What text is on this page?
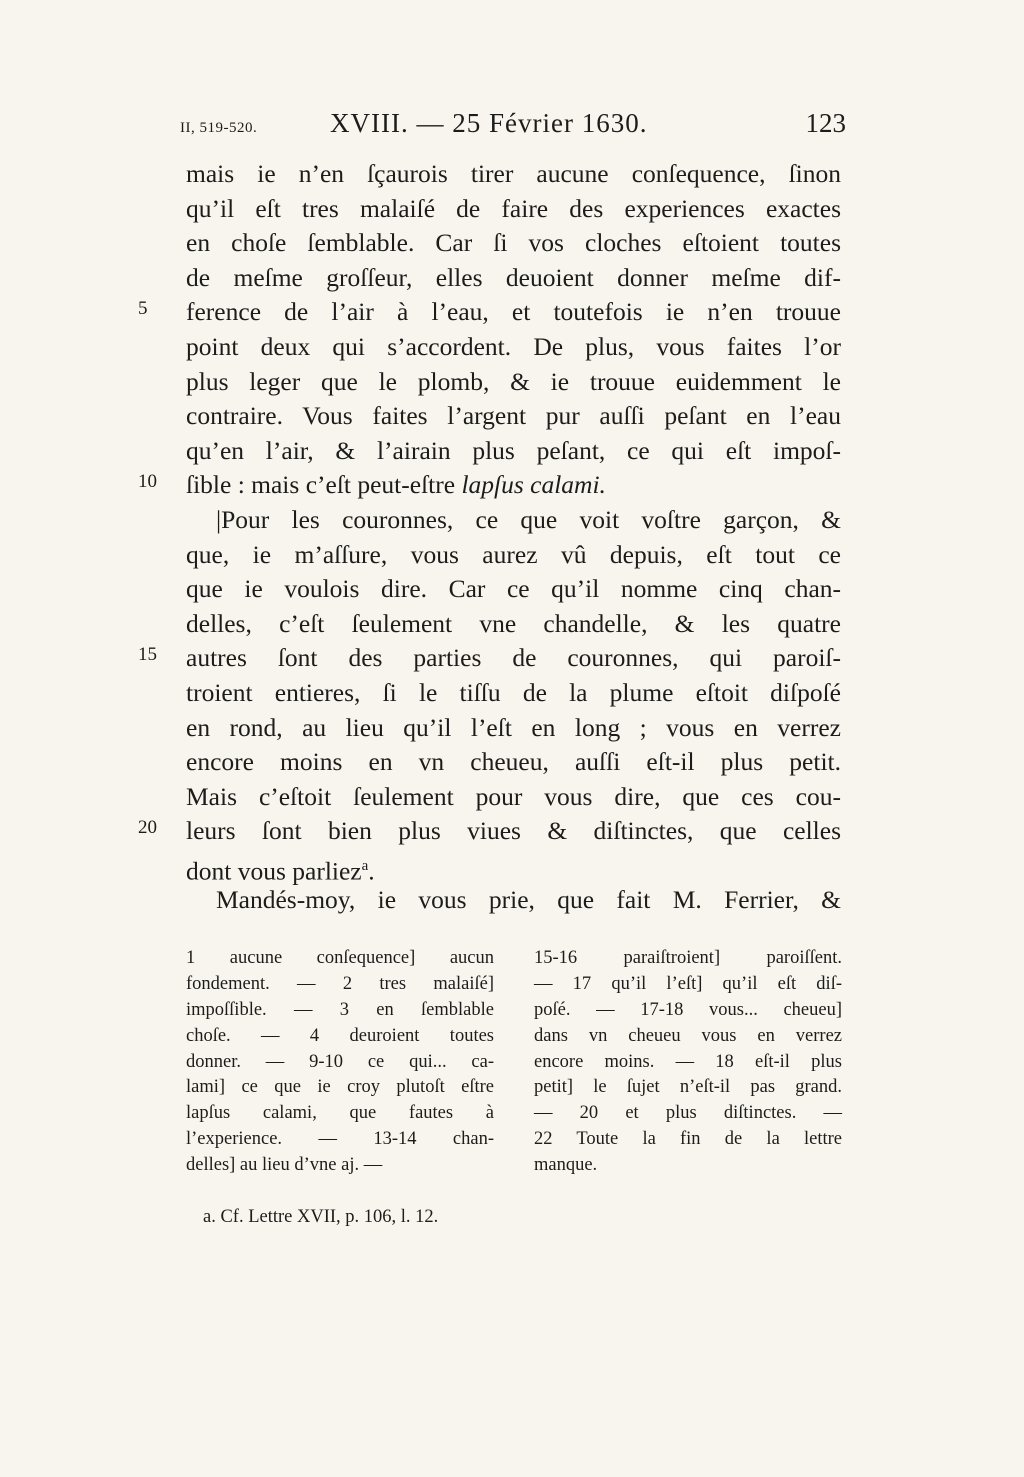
II, 519-520.	XVIII. — 25 Février 1630.	123
mais ie n’en ſçaurois tirer aucune conſequence, ſinon
qu’il eſt tres malaiſé de faire des experiences exactes
en choſe ſemblable. Car ſi vos cloches eſtoient toutes
de meſme groſſeur, elles deuoient donner meſme dif-
5	ference de l’air à l’eau, et toutefois ie n’en trouue
point deux qui s’accordent. De plus, vous faites l’or
plus leger que le plomb, & ie trouue euidemment le
contraire. Vous faites l’argent pur auſſi peſant en l’eau
qu’en l’air, & l’airain plus peſant, ce qui eſt impoſ-
10 ſible : mais c’eſt peut-eſtre lapſus calami.
|Pour les couronnes, ce que voit voſtre garçon, &
que, ie m’aſſure, vous aurez vû depuis, eſt tout ce
que ie voulois dire. Car ce qu’il nomme cinq chan-
delles, c’eſt ſeulement vne chandelle, & les quatre
15 autres ſont des parties de couronnes, qui paroiſ-
troient entieres, ſi le tiſſu de la plume eſtoit diſpoſé
en rond, au lieu qu’il l’eſt en long ; vous en verrez
encore moins en vn cheueu, auſſi eſt-il plus petit.
Mais c’eſtoit ſeulement pour vous dire, que ces cou-
20 leurs ſont bien plus viues & diſtinctes, que celles
dont vous parliez$^a$.
Mandés-moy, ie vous prie, que fait M. Ferrier, &
1 aucune conſequence] aucun
fondement. — 2 tres malaiſé]
impoſſible. — 3 en ſemblable
choſe. — 4 deuroient toutes
donner. — 9-10 ce qui... ca-
lami] ce que ie croy plutoſt eſtre
lapſus calami, que fautes à
l’experience. — 13-14 chan-
delles] au lieu d’vne aj. —
15-16 paraiſtroient] paroiſſent.
— 17 qu’il l’eſt] qu’il eſt diſ-
poſé. — 17-18 vous... cheueu]
dans vn cheueu vous en verrez
encore moins. — 18 eſt-il plus
petit] le ſujet n’eſt-il pas grand.
— 20 et plus diſtinctes. —
22 Toute la fin de la lettre
manque.
a. Cf. Lettre XVII, p. 106, l. 12.
